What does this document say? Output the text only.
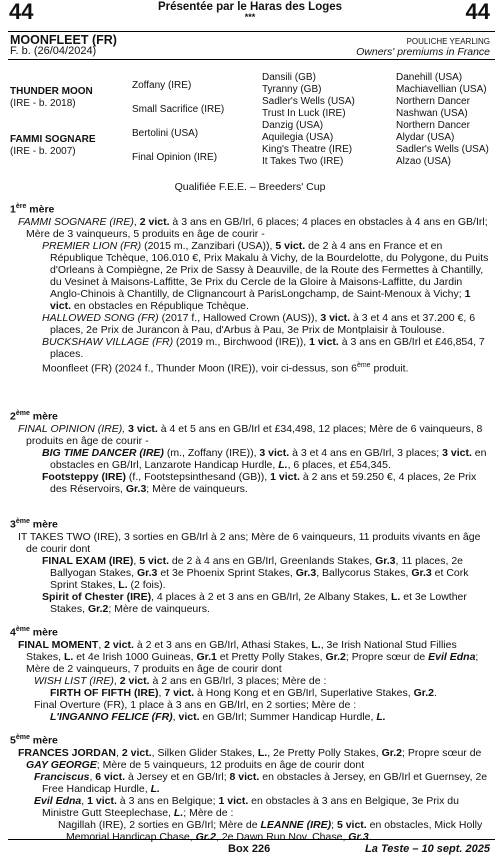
44	44
Présentée par le Haras des Loges
***
MOONFLEET (FR)
F. b. (26/04/2024)
POULICHE YEARLING
Owners' premiums in France
THUNDER MOON
(IRE - b. 2018)
FAMMI SOGNARE
(IRE - b. 2007)
Zoffany (IRE)
Small Sacrifice (IRE)
Bertolini (USA)
Final Opinion (IRE)
Dansili (GB)
Tyranny (GB)
Sadler's Wells (USA)
Trust In Luck (IRE)
Danzig (USA)
Aquilegia (USA)
King's Theatre (IRE)
It Takes Two (IRE)
Danehill (USA)
Machiavellian (USA)
Northern Dancer
Nashwan (USA)
Northern Dancer
Alydar (USA)
Sadler's Wells (USA)
Alzao (USA)
Qualifiée F.E.E. – Breeders' Cup

1ère mère

FAMMI SOGNARE (IRE), 2 vict. à 3 ans en GB/Irl, 6 places; 4 places en obstacles à 4 ans en GB/Irl; Mère de 3 vainqueurs, 5 produits en âge de courir -

PREMIER LION (FR) (2015 m., Zanzibari (USA)), 5 vict. de 2 à 4 ans en France et en République Tchèque, 106.010 €, Prix Makalu à Vichy, de la Bourdelotte, du Polygone, du Puits d'Orleans à Compiègne, 2e Prix de Sassy à Deauville, de la Route des Fermettes à Chantilly, du Vesinet à Maisons-Laffitte, 3e Prix du Cercle de la Gloire à Maisons-Laffitte, du Jardin Anglo-Chinois à Chantilly, de Clignancourt à ParisLongchamp, de Saint-Menoux à Vichy; 1 vict. en obstacles en République Tchèque.

HALLOWED SONG (FR) (2017 f., Hallowed Crown (AUS)), 3 vict. à 3 et 4 ans et 37.200 €, 6 places, 2e Prix de Jurancon à Pau, d'Arbus à Pau, 3e Prix de Montplaisir à Toulouse.

BUCKSHAW VILLAGE (FR) (2019 m., Birchwood (IRE)), 1 vict. à 3 ans en GB/Irl et £46,854, 7 places.

Moonfleet (FR) (2024 f., Thunder Moon (IRE)), voir ci-dessus, son 6ème produit.

2ème mère

FINAL OPINION (IRE), 3 vict. à 4 et 5 ans en GB/Irl et £34,498, 12 places; Mère de 6 vainqueurs, 8 produits en âge de courir -

BIG TIME DANCER (IRE) (m., Zoffany (IRE)), 3 vict. à 3 et 4 ans en GB/Irl, 3 places; 3 vict. en obstacles en GB/Irl, Lanzarote Handicap Hurdle, L., 6 places, et £54,345.

Footsteppy (IRE) (f., Footstepsinthesand (GB)), 1 vict. à 2 ans et 59.250 €, 4 places, 2e Prix des Réservoirs, Gr.3; Mère de vainqueurs.

3ème mère

IT TAKES TWO (IRE), 3 sorties en GB/Irl à 2 ans; Mère de 6 vainqueurs, 11 produits vivants en âge de courir dont

FINAL EXAM (IRE), 5 vict. de 2 à 4 ans en GB/Irl, Greenlands Stakes, Gr.3, 11 places, 2e Ballyogan Stakes, Gr.3 et 3e Phoenix Sprint Stakes, Gr.3, Ballycorus Stakes, Gr.3 et Cork Sprint Stakes, L. (2 fois).

Spirit of Chester (IRE), 4 places à 2 et 3 ans en GB/Irl, 2e Albany Stakes, L. et 3e Lowther Stakes, Gr.2; Mère de vainqueurs.

4ème mère

FINAL MOMENT, 2 vict. à 2 et 3 ans en GB/Irl, Athasi Stakes, L., 3e Irish National Stud Fillies Stakes, L. et 4e Irish 1000 Guineas, Gr.1 et Pretty Polly Stakes, Gr.2; Propre sœur de Evil Edna; Mère de 2 vainqueurs, 7 produits en âge de courir dont

WISH LIST (IRE), 2 vict. à 2 ans en GB/Irl, 3 places; Mère de :

FIRTH OF FIFTH (IRE), 7 vict. à Hong Kong et en GB/Irl, Superlative Stakes, Gr.2.

Final Overture (FR), 1 place à 3 ans en GB/Irl, en 2 sorties; Mère de :

L'INGANNO FELICE (FR), vict. en GB/Irl; Summer Handicap Hurdle, L.

5ème mère

FRANCES JORDAN, 2 vict., Silken Glider Stakes, L., 2e Pretty Polly Stakes, Gr.2; Propre sœur de GAY GEORGE; Mère de 5 vainqueurs, 12 produits en âge de courir dont

Franciscus, 6 vict. à Jersey et en GB/Irl; 8 vict. en obstacles à Jersey, en GB/Irl et Guernsey, 2e Free Handicap Hurdle, L.

Evil Edna, 1 vict. à 3 ans en Belgique; 1 vict. en obstacles à 3 ans en Belgique, 3e Prix du Ministre Gutt Steeplechase, L.; Mère de :

Nagillah (IRE), 2 sorties en GB/Irl; Mère de LEANNE (IRE); 5 vict. en obstacles, Mick Holly Memorial Handicap Chase, Gr.2, 2e Dawn Run Nov. Chase, Gr.3.

Box 226	La Teste – 10 sept. 2025
